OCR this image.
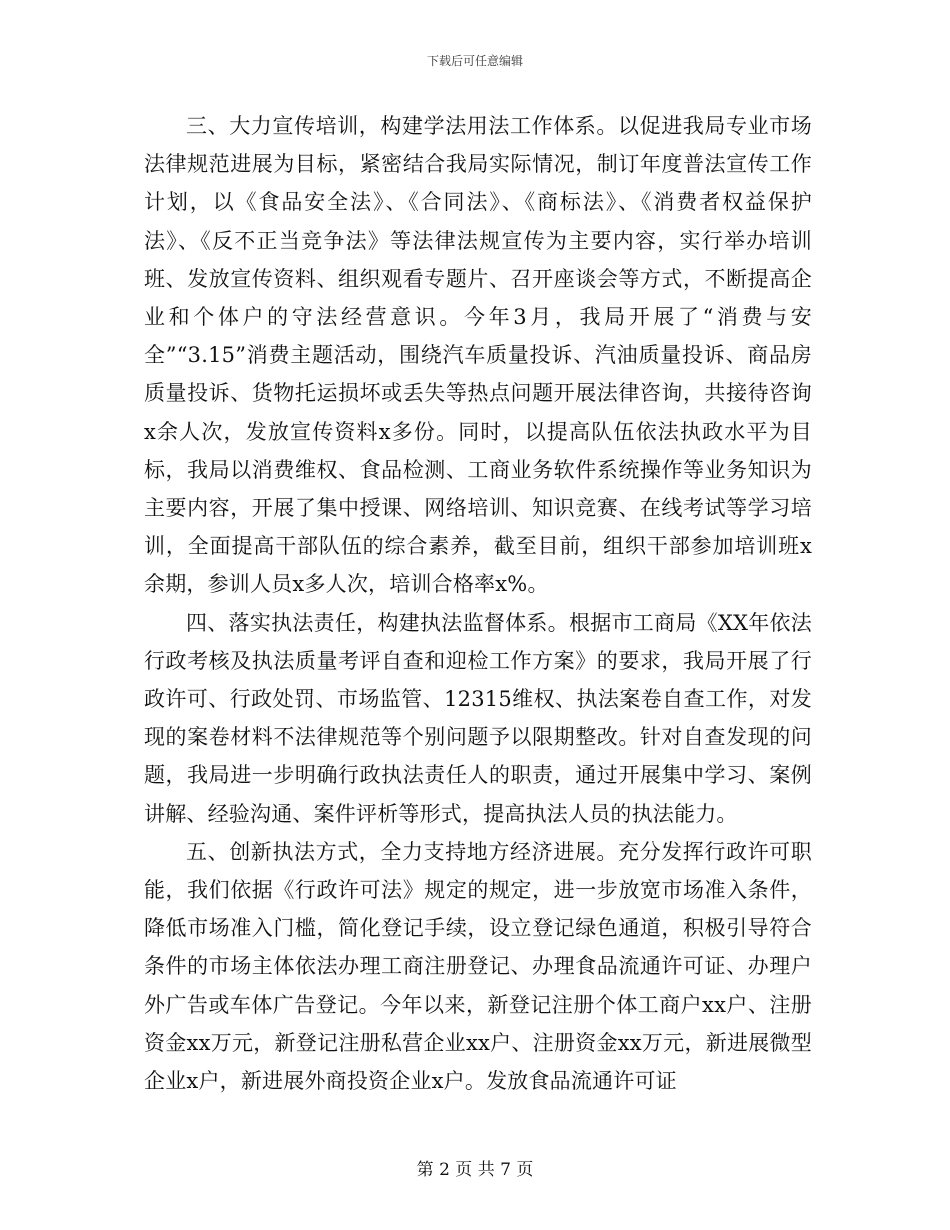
下载后可任意编辑

三、大力宣传培训，构建学法用法工作体系。以促进我局专业市场法律规范进展为目标，紧密结合我局实际情况，制订年度普法宣传工作计划，以《食品安全法》、《合同法》、《商标法》、《消费者权益保护法》、《反不正当竞争法》等法律法规宣传为主要内容，实行举办培训班、发放宣传资料、组织观看专题片、召开座谈会等方式，不断提高企业和个体户的守法经营意识。今年3月，我局开展了“消费与安全”“3.15”消费主题活动，围绕汽车质量投诉、汽油质量投诉、商品房质量投诉、货物托运损坏或丢失等热点问题开展法律咨询，共接待咨询x余人次，发放宣传资料x多份。同时，以提高队伍依法执政水平为目标，我局以消费维权、食品检测、工商业务软件系统操作等业务知识为主要内容，开展了集中授课、网络培训、知识竞赛、在线考试等学习培训，全面提高干部队伍的综合素养，截至目前，组织干部参加培训班x余期，参训人员x多人次，培训合格率x%。

四、落实执法责任，构建执法监督体系。根据市工商局《XX年依法行政考核及执法质量考评自查和迎检工作方案》的要求，我局开展了行政许可、行政处罚、市场监管、12315维权、执法案卷自查工作，对发现的案卷材料不法律规范等个别问题予以限期整改。针对自查发现的问题，我局进一步明确行政执法责任人的职责，通过开展集中学习、案例讲解、经验沟通、案件评析等形式，提高执法人员的执法能力。

五、创新执法方式，全力支持地方经济进展。充分发挥行政许可职能，我们依据《行政许可法》规定的规定，进一步放宽市场准入条件，降低市场准入门槛，简化登记手续，设立登记绿色通道，积极引导符合条件的市场主体依法办理工商注册登记、办理食品流通许可证、办理户外广告或车体广告登记。今年以来，新登记注册个体工商户xx户、注册资金xx万元，新登记注册私营企业xx户、注册资金xx万元，新进展微型企业x户，新进展外商投资企业x户。发放食品流通许可证

第 2 页 共 7 页
